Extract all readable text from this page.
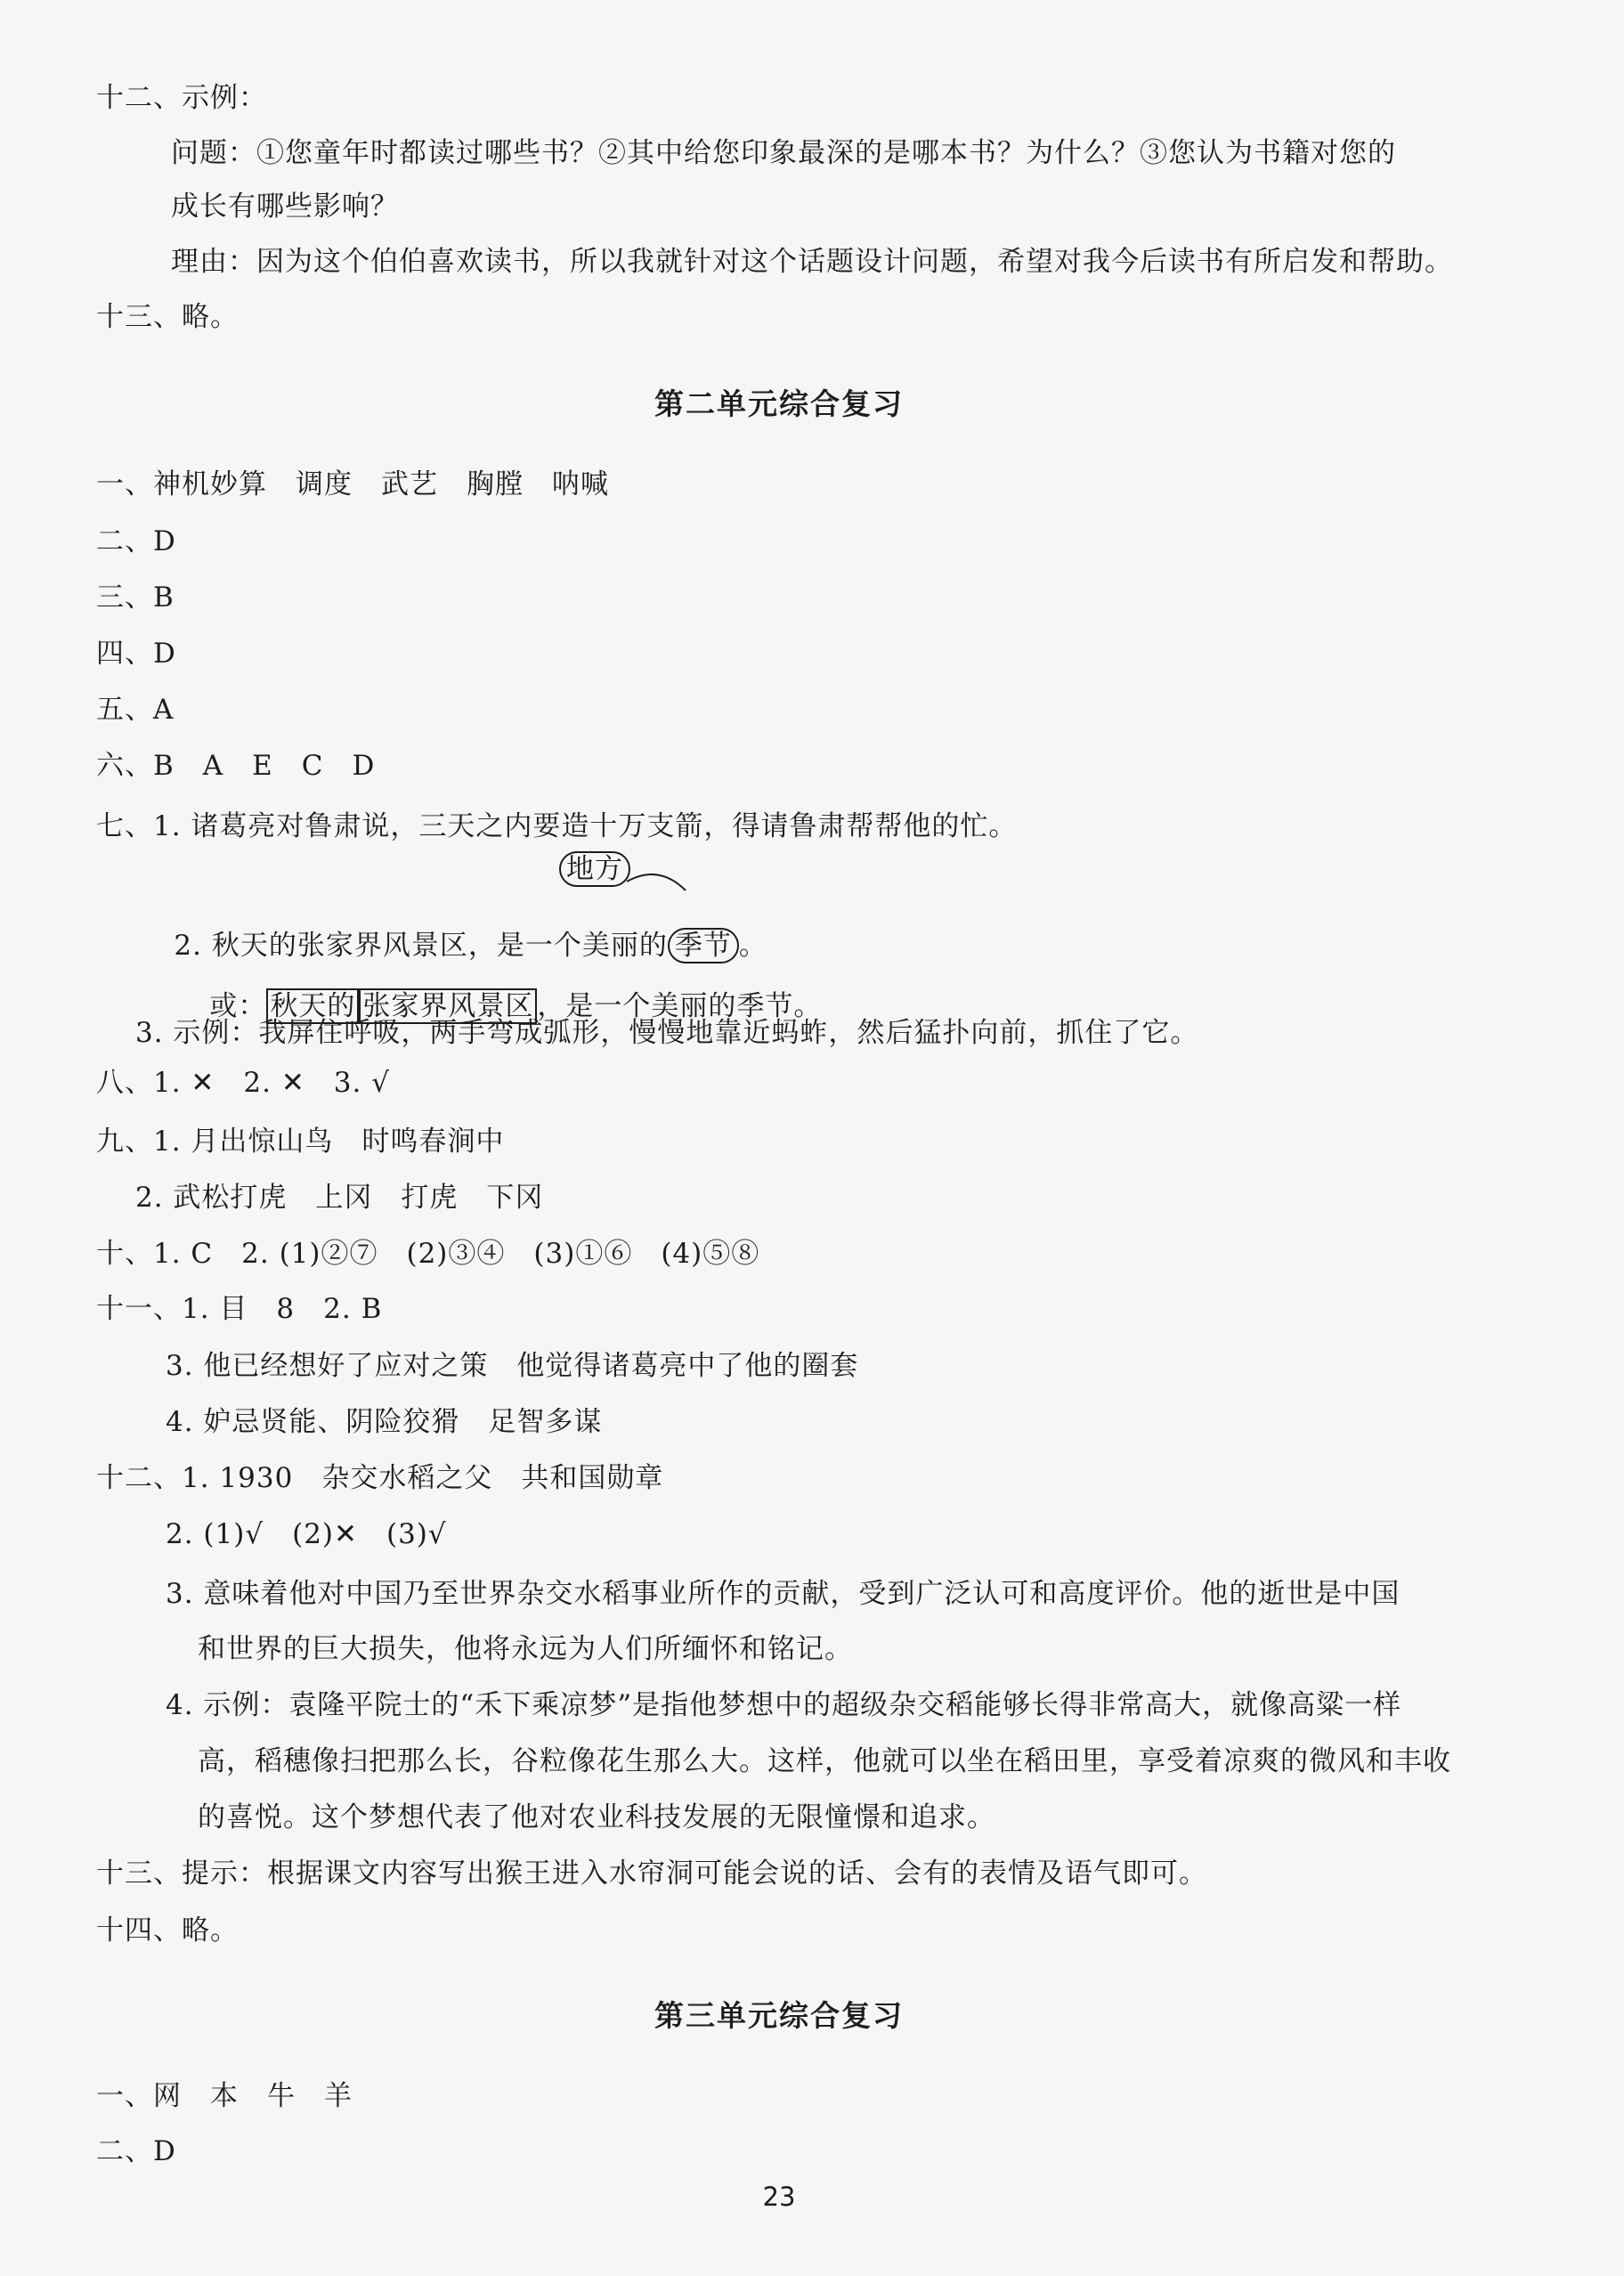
十二、示例：
问题：①您童年时都读过哪些书？②其中给您印象最深的是哪本书？为什么？③您认为书籍对您的
成长有哪些影响？
理由：因为这个伯伯喜欢读书，所以我就针对这个话题设计问题，希望对我今后读书有所启发和帮助。
十三、略。
第二单元综合复习
一、神机妙算　调度　武艺　胸膛　呐喊
二、D
三、B
四、D
五、A
六、B　A　E　C　D
七、1. 诸葛亮对鲁肃说，三天之内要造十万支箭，得请鲁肃帮帮他的忙。
地方

2. 秋天的张家界风景区，是一个美丽的 季节 。

或： 秋天的 张家界风景区 ，是一个美丽的季节。

3. 示例：我屏住呼吸，两手弯成弧形，慢慢地靠近蚂蚱，然后猛扑向前，抓住了它。
八、1. ✕　2. ✕　3. √
九、1. 月出惊山鸟　时鸣春涧中
2. 武松打虎　上冈　打虎　下冈
十、1. C　2. (1)②⑦　(2)③④　(3)①⑥　(4)⑤⑧
十一、1. 目　8　2. B
3. 他已经想好了应对之策　他觉得诸葛亮中了他的圈套
4. 妒忌贤能、阴险狡猾　足智多谋
十二、1. 1930　杂交水稻之父　共和国勋章
2. (1)√　(2)✕　(3)√
3. 意味着他对中国乃至世界杂交水稻事业所作的贡献，受到广泛认可和高度评价。他的逝世是中国
和世界的巨大损失，他将永远为人们所缅怀和铭记。
4. 示例：袁隆平院士的“禾下乘凉梦”是指他梦想中的超级杂交稻能够长得非常高大，就像高粱一样
高，稻穗像扫把那么长，谷粒像花生那么大。这样，他就可以坐在稻田里，享受着凉爽的微风和丰收
的喜悦。这个梦想代表了他对农业科技发展的无限憧憬和追求。
十三、提示：根据课文内容写出猴王进入水帘洞可能会说的话、会有的表情及语气即可。
十四、略。
第三单元综合复习
一、网　本　牛　羊
二、D
23
